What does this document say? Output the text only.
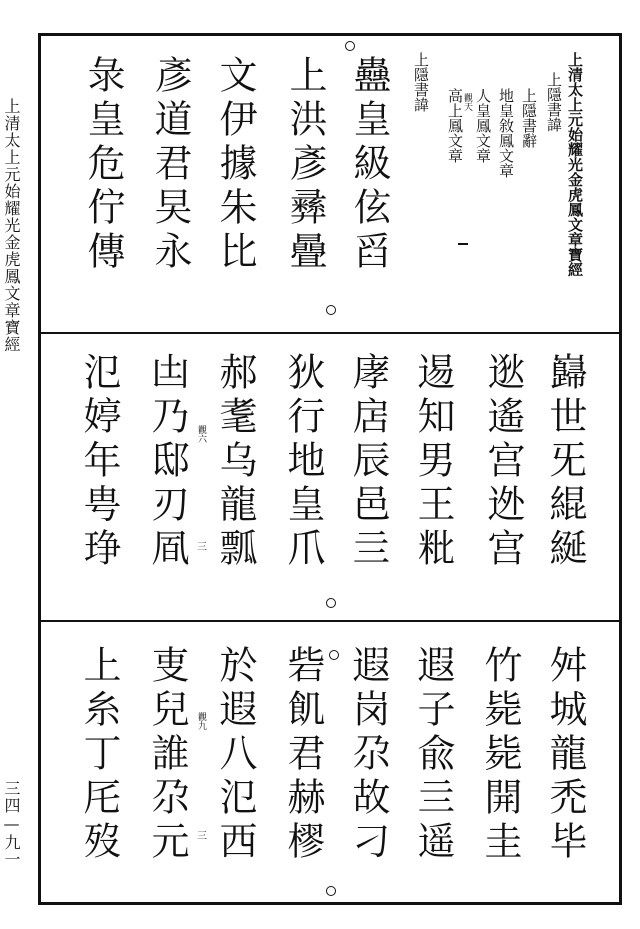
上清太上元始耀光金虎鳳文章寶經
三四—九一
上清太上元始耀光金虎鳳文章寶經
上隱書諱
上隱書辭
地皇敘鳳文章
人皇鳳文章
高上鳳文章
觀天
上隱書諱
蠱皇級伭舀
上洪彥彞曡
文伊據朱比
彥道君旲永
彔皇危佇傳
巋世旡緄綖
逖遙宫迯宫
逷知男王粃
庨扂辰邑亖
狄行地皇爪
郝耄乌龍瓢
凷乃邸刃凮
氾婷年甹琤	觀六
三
舛城龍禿毕
竹毙毙開圭
遐子兪亖遥
遐岗尕故刁
砦飢君赫樛
於遐八氾西
叓兒誰尕元
上糸丁厇歿	觀九
三
